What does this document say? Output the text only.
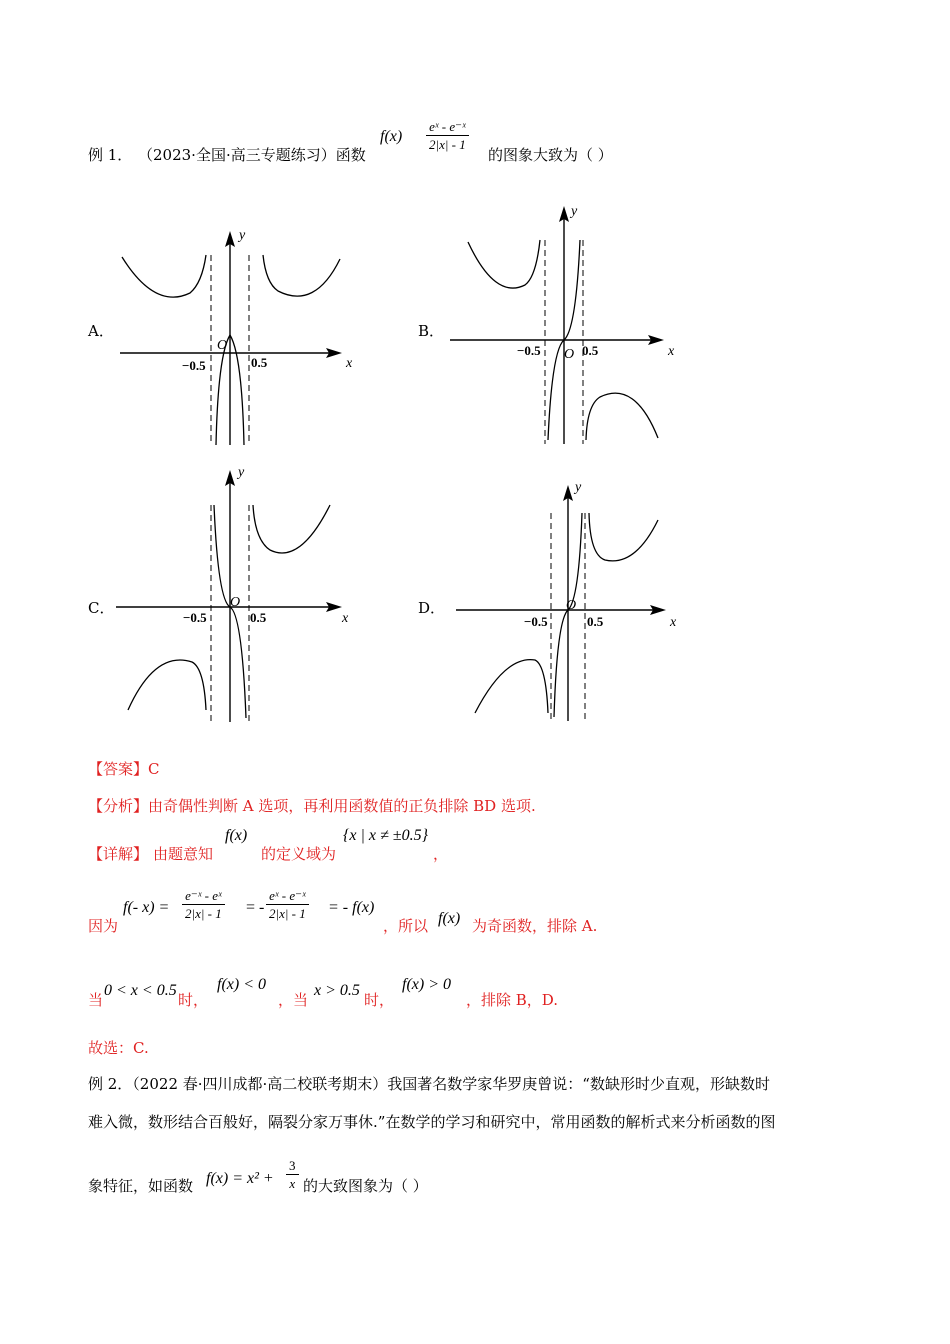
例 1． （2023·全国·高三专题练习）函数
$f(x) \frac{\text{eˣ - e⁻ˣ}}{2|x| - 1}$
的图象大致为（ ）
A．	B．
C．	D．
x
y
O
−0.5	0.5
x
y
O
−0.5	0.5
x
y
O
−0.5	0.5	x
y
O
−0.5	0.5
【答案】C
【分析】由奇偶性判断 A 选项，再利用函数值的正负排除 BD 选项.
【详解】 由题意知
f(x)
的定义域为
{x | x ≠ ±0.5}
，
因为
f(- $x) = \frac{\text{e⁻ˣ - eˣ}}{2|x| - 1}$ = - $\frac{\text{eˣ - e⁻ˣ}}{2|x| - 1}$ = - f(x)
，所以 f(x) 为奇函数，排除 A.
当
0 < x < 0.5
时，
f(x) < 0
，当
x > 0.5
时，
f(x) > 0
，排除 B，D.
故选：C.
例 2．（2022 春·四川成都·高二校联考期末）我国著名数学家华罗庚曾说：“数缺形时少直观，形缺数时
难入微，数形结合百般好，隔裂分家万事休.”在数学的学习和研究中，常用函数的解析式来分析函数的图
象特征，如函数 $f(x) = x^2 + \frac{3}{x}$ 的大致图象为（ ）
